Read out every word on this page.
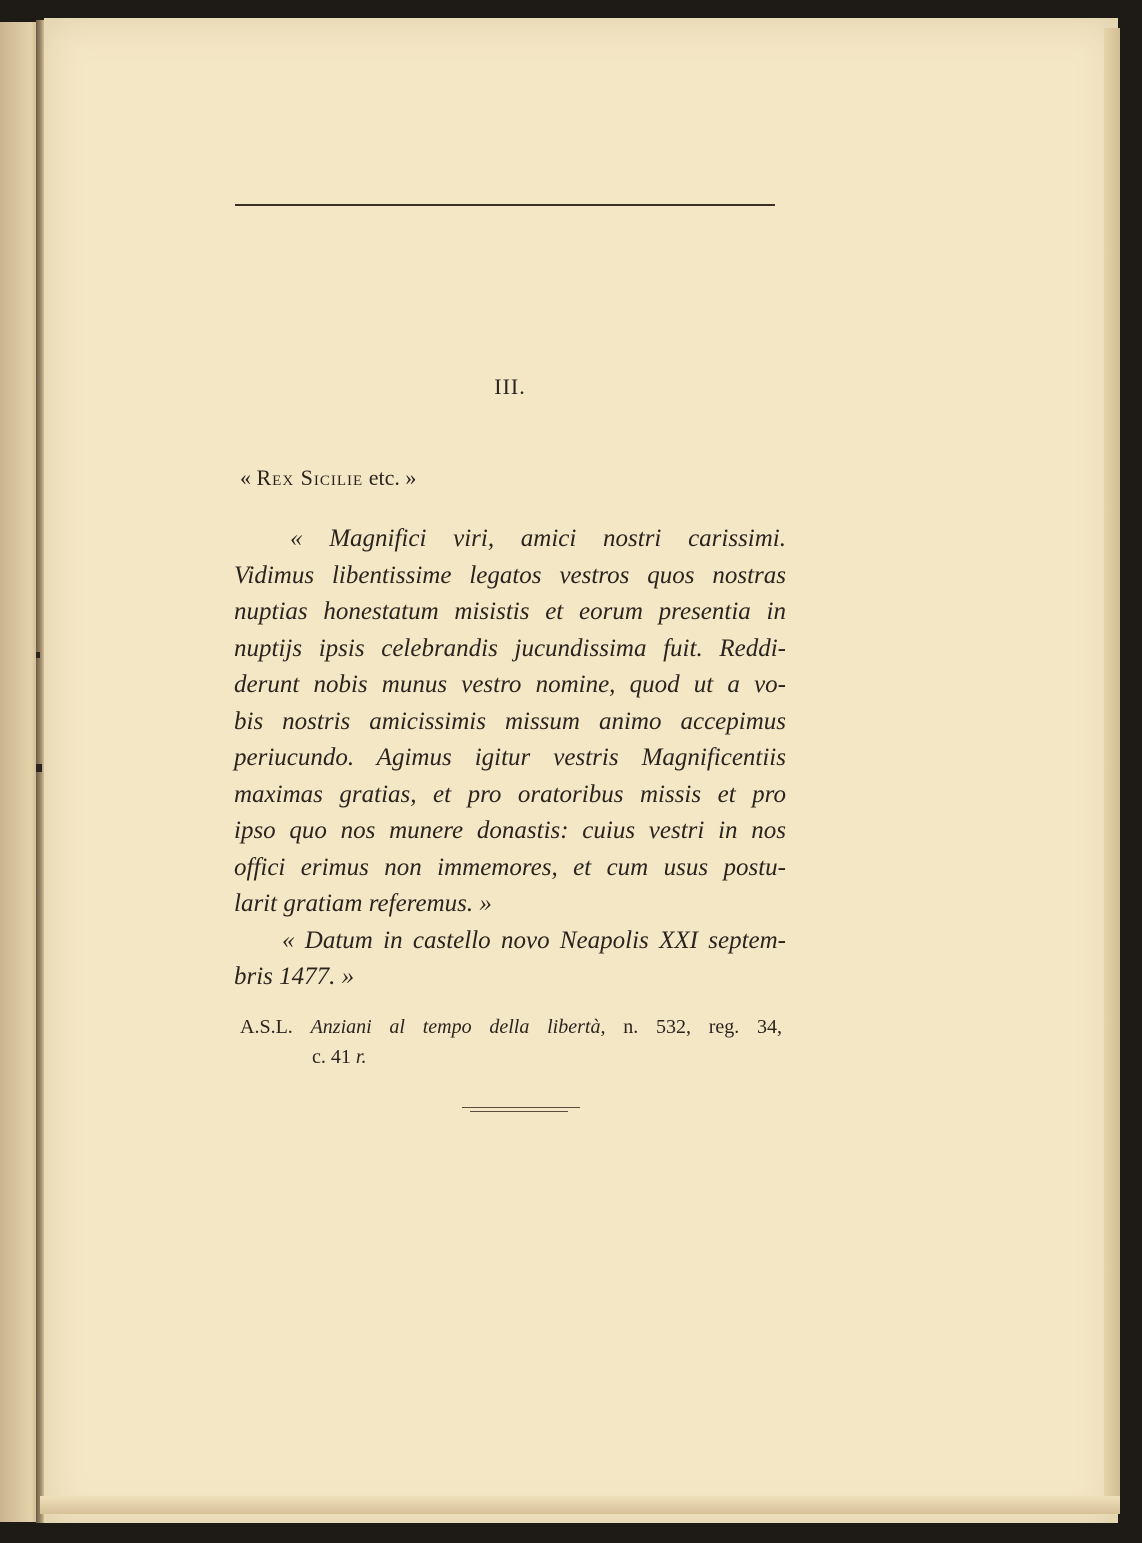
III.
« Rex Sicilie etc. »
« Magnifici viri, amici nostri carissimi.
Vidimus libentissime legatos vestros quos nostras
nuptias honestatum misistis et eorum presentia in
nuptijs ipsis celebrandis jucundissima fuit. Reddi-
derunt nobis munus vestro nomine, quod ut a vo-
bis nostris amicissimis missum animo accepimus
periucundo. Agimus igitur vestris Magnificentiis
maximas gratias, et pro oratoribus missis et pro
ipso quo nos munere donastis: cuius vestri in nos
offici erimus non immemores, et cum usus postu-
larit gratiam referemus. »
« Datum in castello novo Neapolis XXI septem-
bris 1477. »
A.S.L. Anziani al tempo della libertà, n. 532, reg. 34,
c. 41 r.
